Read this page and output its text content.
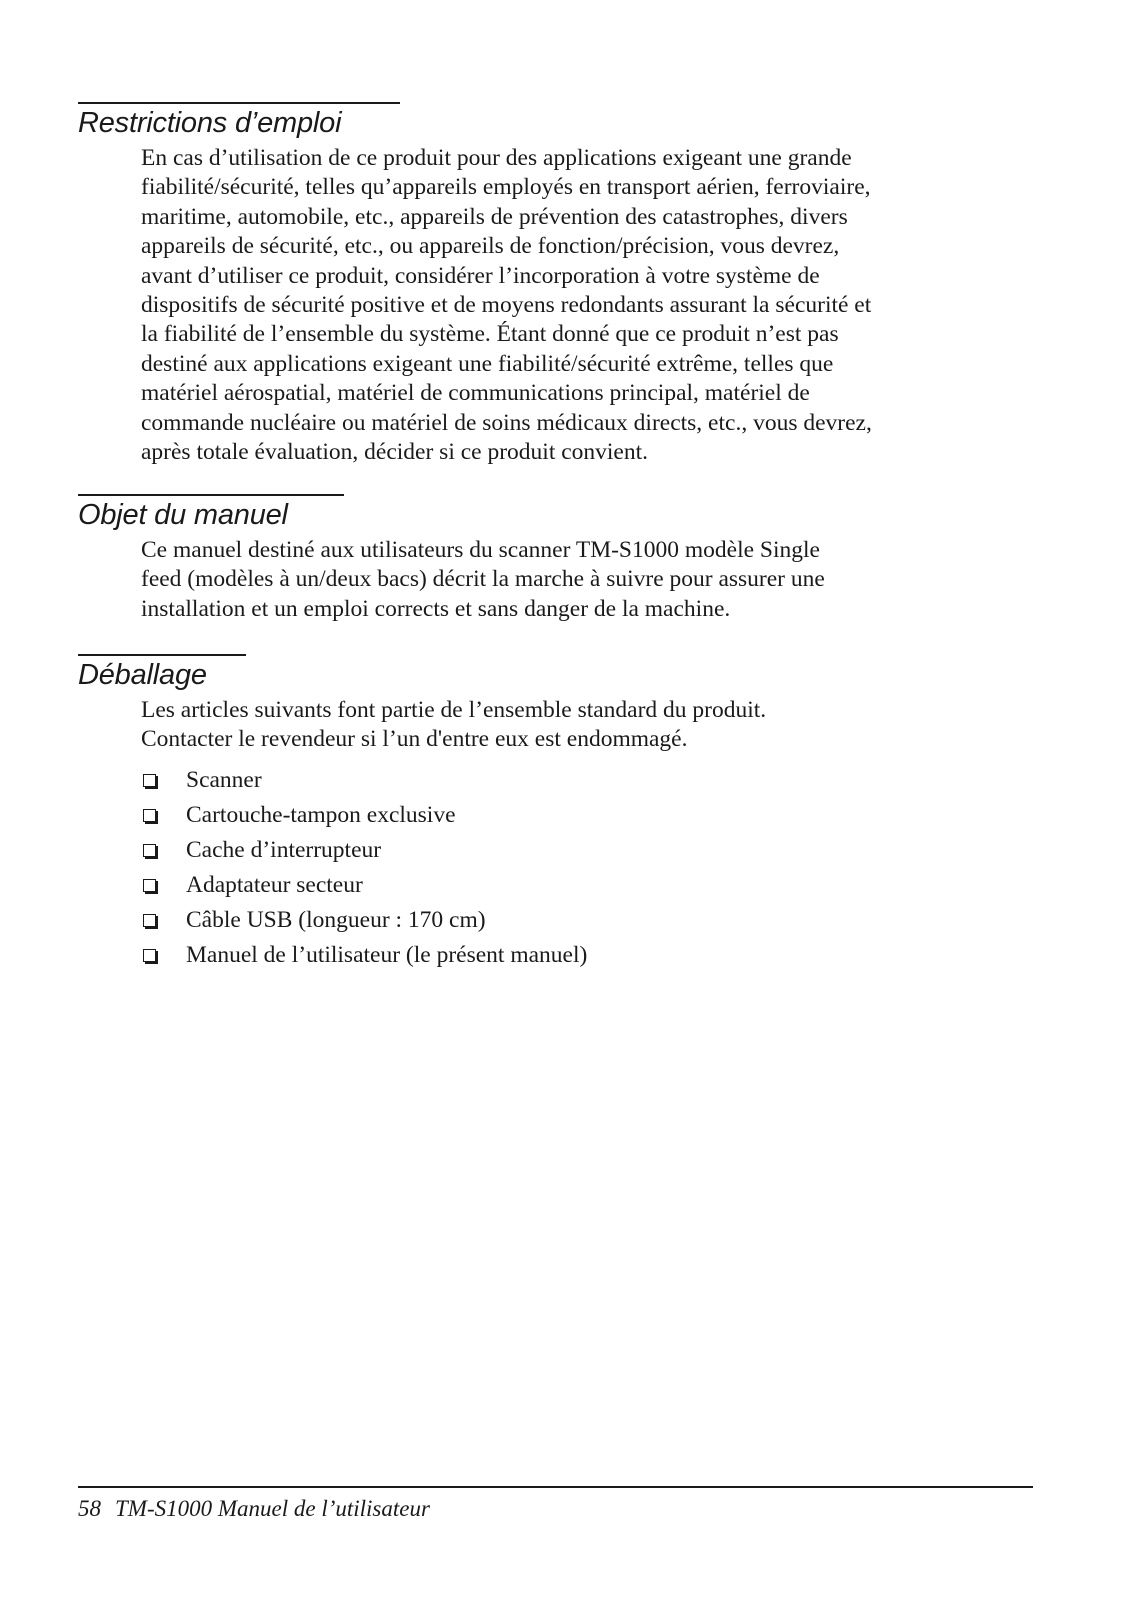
Restrictions d’emploi

En cas d’utilisation de ce produit pour des applications exigeant une grande
fiabilité/sécurité, telles qu’appareils employés en transport aérien, ferroviaire,
maritime, automobile, etc., appareils de prévention des catastrophes, divers
appareils de sécurité, etc., ou appareils de fonction/précision, vous devrez,
avant d’utiliser ce produit, considérer l’incorporation à votre système de
dispositifs de sécurité positive et de moyens redondants assurant la sécurité et
la fiabilité de l’ensemble du système. Étant donné que ce produit n’est pas
destiné aux applications exigeant une fiabilité/sécurité extrême, telles que
matériel aérospatial, matériel de communications principal, matériel de
commande nucléaire ou matériel de soins médicaux directs, etc., vous devrez,
après totale évaluation, décider si ce produit convient.

Objet du manuel

Ce manuel destiné aux utilisateurs du scanner TM-S1000 modèle Single
feed (modèles à un/deux bacs) décrit la marche à suivre pour assurer une
installation et un emploi corrects et sans danger de la machine.

Déballage

Les articles suivants font partie de l’ensemble standard du produit.
Contacter le revendeur si l’un d'entre eux est endommagé.

Scanner
Cartouche-tampon exclusive
Cache d’interrupteur
Adaptateur secteur
Câble USB (longueur : 170 cm)
Manuel de l’utilisateur (le présent manuel)
58 TM-S1000 Manuel de l’utilisateur
